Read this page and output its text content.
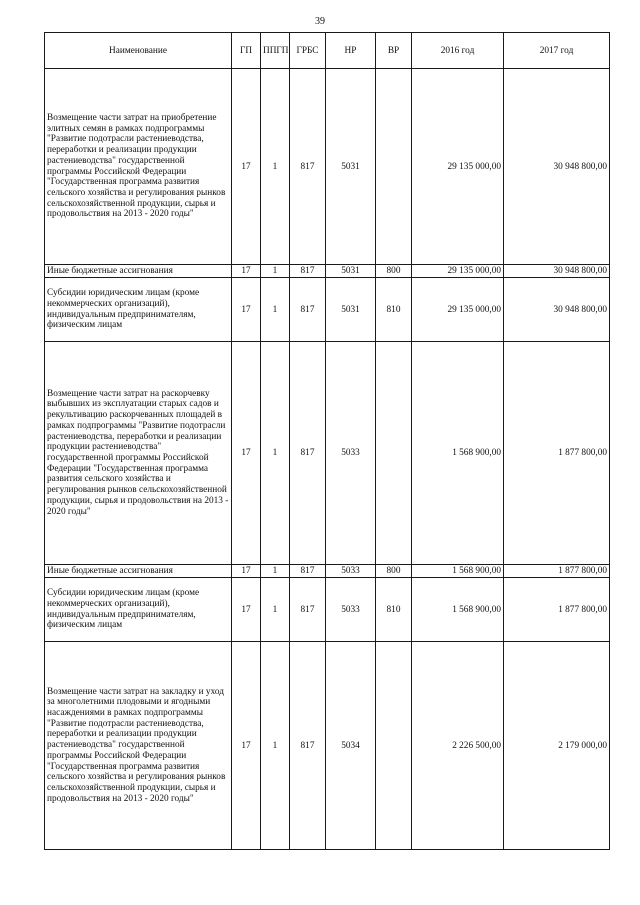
39
Наименование	ГП	ППГП	ГРБС	НР	ВР	2016 год	2017 год
Возмещение части затрат на приобретение элитных семян в рамках подпрограммы "Развитие подотрасли растениеводства, переработки и реализации продукции растениеводства" государственной программы Российской Федерации "Государственная программа развития сельского хозяйства и регулирования рынков сельскохозяйственной продукции, сырья и продовольствия на 2013 - 2020 годы"	17	1	817	5031		29 135 000,00	30 948 800,00
Иные бюджетные ассигнования	17	1	817	5031	800	29 135 000,00	30 948 800,00
Субсидии юридическим лицам (кроме некоммерческих организаций), индивидуальным предпринимателям, физическим лицам	17	1	817	5031	810	29 135 000,00	30 948 800,00
Возмещение части затрат на раскорчевку выбывших из эксплуатации старых садов и рекультивацию раскорчеванных площадей в рамках подпрограммы "Развитие подотрасли растениеводства, переработки и реализации продукции растениеводства" государственной программы Российской Федерации "Государственная программа развития сельского хозяйства и регулирования рынков сельскохозяйственной продукции, сырья и продовольствия на 2013 - 2020 годы"	17	1	817	5033		1 568 900,00	1 877 800,00
Иные бюджетные ассигнования	17	1	817	5033	800	1 568 900,00	1 877 800,00
Субсидии юридическим лицам (кроме некоммерческих организаций), индивидуальным предпринимателям, физическим лицам	17	1	817	5033	810	1 568 900,00	1 877 800,00
Возмещение части затрат на закладку и уход за многолетними плодовыми и ягодными насаждениями в рамках подпрограммы "Развитие подотрасли растениеводства, переработки и реализации продукции растениеводства" государственной программы Российской Федерации "Государственная программа развития сельского хозяйства и регулирования рынков сельскохозяйственной продукции, сырья и продовольствия на 2013 - 2020 годы"	17	1	817	5034		2 226 500,00	2 179 000,00
